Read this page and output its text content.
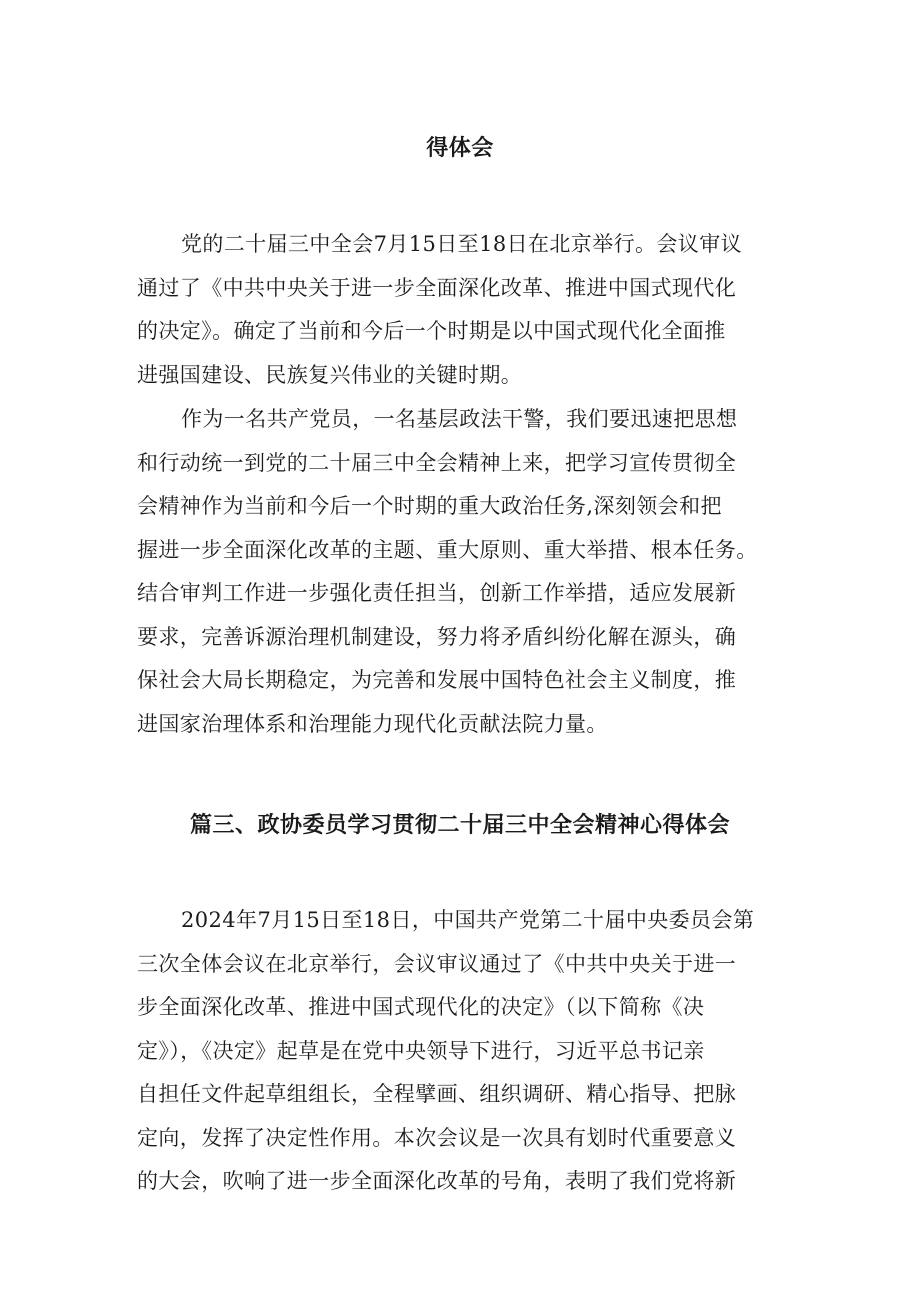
得体会
党的二十届三中全会7月15日至18日在北京举行。会议审议
通过了《中共中央关于进一步全面深化改革、推进中国式现代化
的决定》。确定了当前和今后一个时期是以中国式现代化全面推
进强国建设、民族复兴伟业的关键时期。
作为一名共产党员，一名基层政法干警，我们要迅速把思想
和行动统一到党的二十届三中全会精神上来，把学习宣传贯彻全
会精神作为当前和今后一个时期的重大政治任务,深刻领会和把
握进一步全面深化改革的主题、重大原则、重大举措、根本任务。
结合审判工作进一步强化责任担当，创新工作举措，适应发展新
要求，完善诉源治理机制建设，努力将矛盾纠纷化解在源头，确
保社会大局长期稳定，为完善和发展中国特色社会主义制度，推
进国家治理体系和治理能力现代化贡献法院力量。
篇三、政协委员学习贯彻二十届三中全会精神心得体会
2024年7月15日至18日，中国共产党第二十届中央委员会第
三次全体会议在北京举行，会议审议通过了《中共中央关于进一
步全面深化改革、推进中国式现代化的决定》（以下简称《决
定》），《决定》起草是在党中央领导下进行，习近平总书记亲
自担任文件起草组组长，全程擘画、组织调研、精心指导、把脉
定向，发挥了决定性作用。本次会议是一次具有划时代重要意义
的大会，吹响了进一步全面深化改革的号角，表明了我们党将新
